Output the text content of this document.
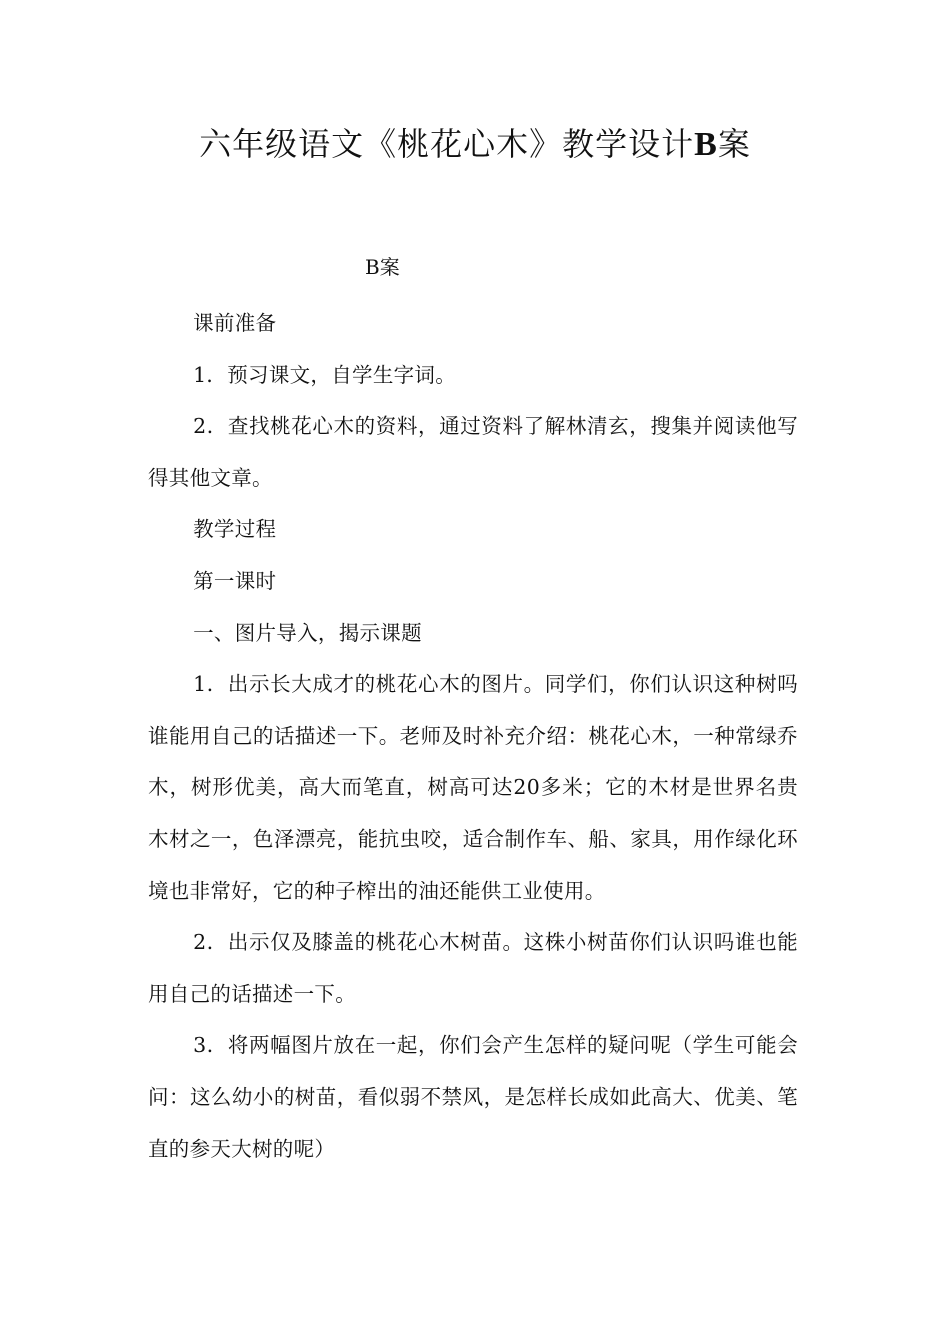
六年级语文《桃花心木》教学设计B案

B案

课前准备

1．预习课文，自学生字词。

2．查找桃花心木的资料，通过资料了解林清玄，搜集并阅读他写得其他文章。

教学过程

第一课时

一、图片导入，揭示课题

1．出示长大成才的桃花心木的图片。同学们，你们认识这种树吗谁能用自己的话描述一下。老师及时补充介绍：桃花心木，一种常绿乔木，树形优美，高大而笔直，树高可达20多米；它的木材是世界名贵木材之一，色泽漂亮，能抗虫咬，适合制作车、船、家具，用作绿化环境也非常好，它的种子榨出的油还能供工业使用。

2．出示仅及膝盖的桃花心木树苗。这株小树苗你们认识吗谁也能用自己的话描述一下。

3．将两幅图片放在一起，你们会产生怎样的疑问呢（学生可能会问：这么幼小的树苗，看似弱不禁风，是怎样长成如此高大、优美、笔直的参天大树的呢）
